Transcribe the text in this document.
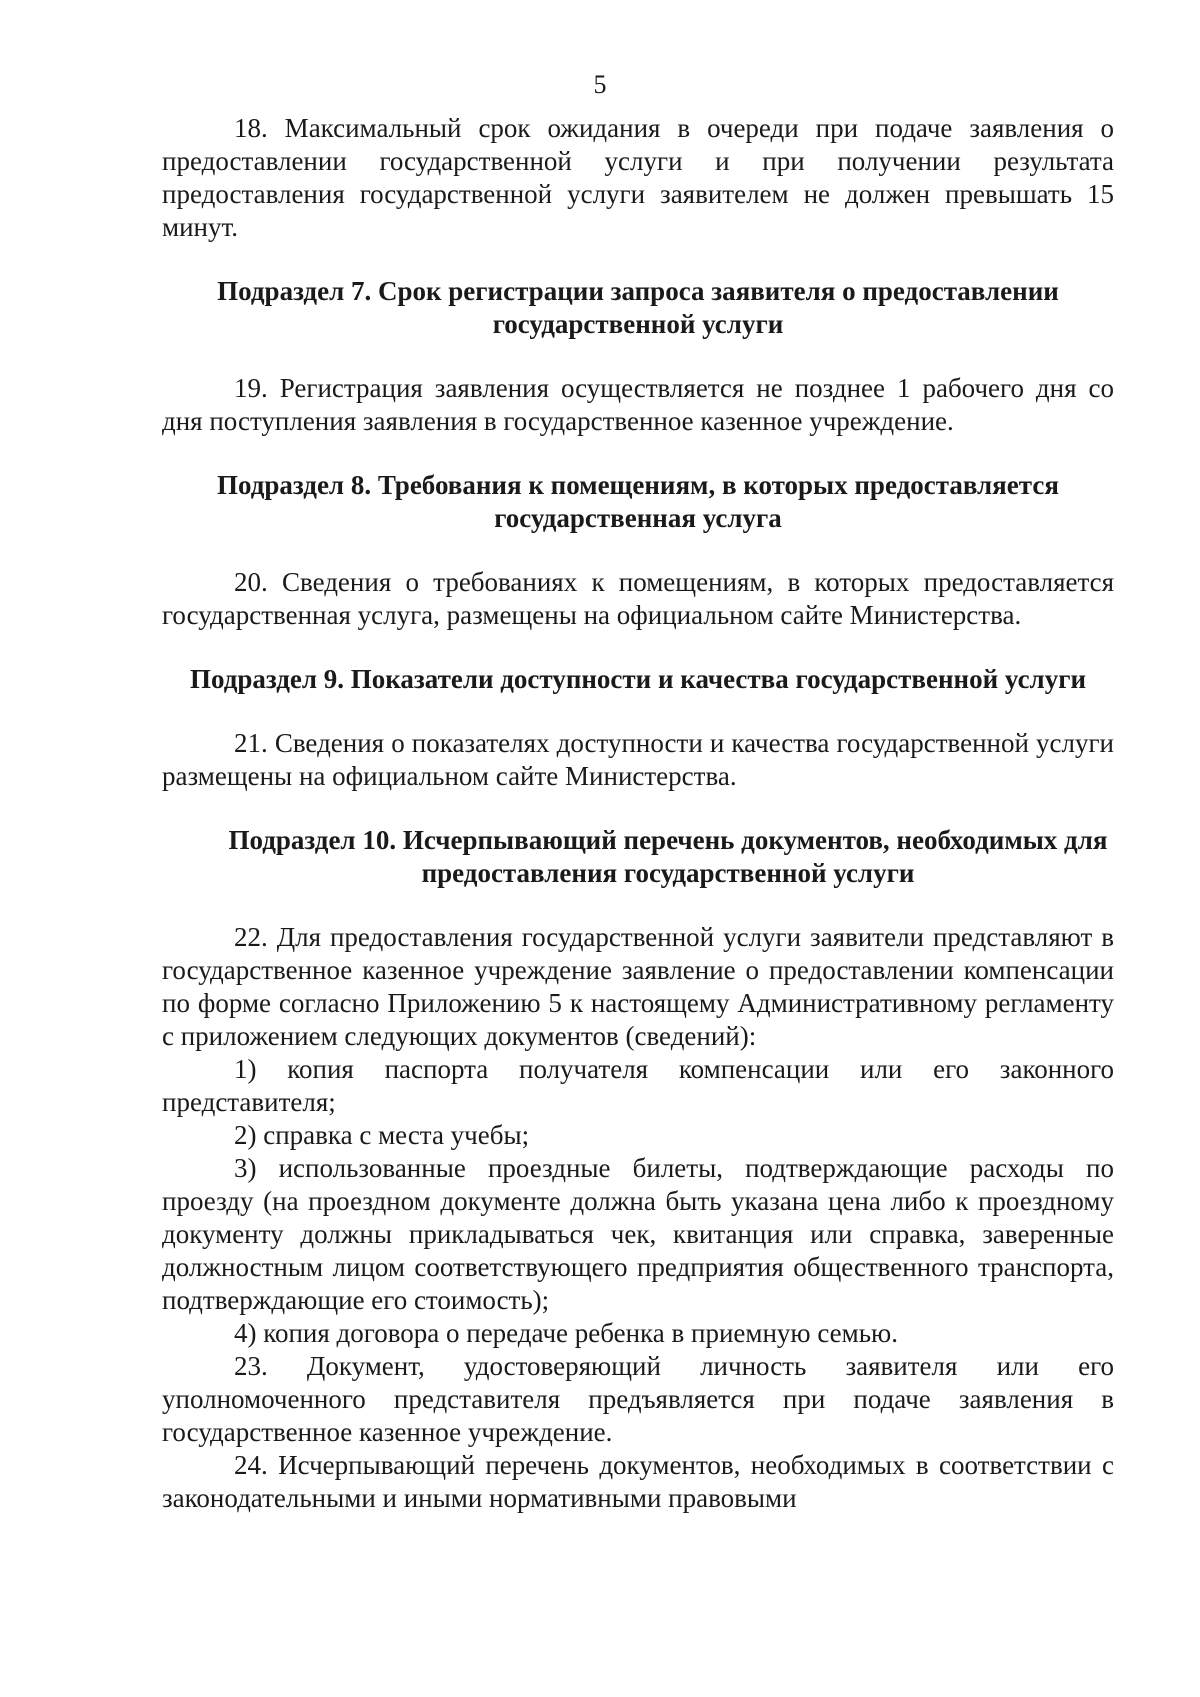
5

18. Максимальный срок ожидания в очереди при подаче заявления о предоставлении государственной услуги и при получении результата предоставления государственной услуги заявителем не должен превышать 15 минут.

Подраздел 7. Срок регистрации запроса заявителя о предоставлении государственной услуги

19. Регистрация заявления осуществляется не позднее 1 рабочего дня со дня поступления заявления в государственное казенное учреждение.

Подраздел 8. Требования к помещениям, в которых предоставляется государственная услуга

20. Сведения о требованиях к помещениям, в которых предоставляется государственная услуга, размещены на официальном сайте Министерства.

Подраздел 9. Показатели доступности и качества государственной услуги

21. Сведения о показателях доступности и качества государственной услуги размещены на официальном сайте Министерства.

Подраздел 10. Исчерпывающий перечень документов, необходимых для предоставления государственной услуги

22. Для предоставления государственной услуги заявители представляют в государственное казенное учреждение заявление о предоставлении компенсации по форме согласно Приложению 5 к настоящему Административному регламенту с приложением следующих документов (сведений):

1) копия паспорта получателя компенсации или его законного представителя;

2) справка с места учебы;

3) использованные проездные билеты, подтверждающие расходы по проезду (на проездном документе должна быть указана цена либо к проездному документу должны прикладываться чек, квитанция или справка, заверенные должностным лицом соответствующего предприятия общественного транспорта, подтверждающие его стоимость);

4) копия договора о передаче ребенка в приемную семью.

23. Документ, удостоверяющий личность заявителя или его уполномоченного представителя предъявляется при подаче заявления в государственное казенное учреждение.

24. Исчерпывающий перечень документов, необходимых в соответствии с законодательными и иными нормативными правовыми
